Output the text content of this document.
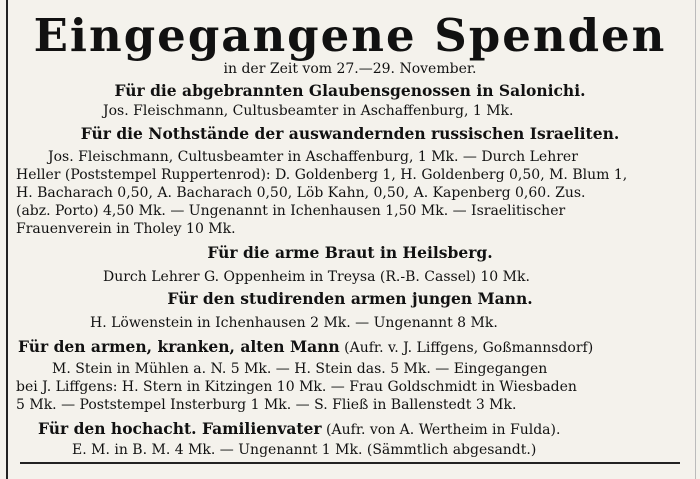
Eingegangene Spenden
in der Zeit vom 27.—29. November.
Für die abgebrannten Glaubensgenossen in Salonichi.
Jos. Fleischmann, Cultusbeamter in Aschaffenburg, 1 Mk.
Für die Nothstände der auswandernden russischen Israeliten.
Jos. Fleischmann, Cultusbeamter in Aschaffenburg, 1 Mk. — Durch Lehrer
Heller (Poststempel Ruppertenrod): D. Goldenberg 1, H. Goldenberg 0,50, M. Blum 1,
H. Bacharach 0,50, A. Bacharach 0,50, Löb Kahn, 0,50, A. Kapenberg 0,60. Zus.
(abz. Porto) 4,50 Mk. — Ungenannt in Ichenhausen 1,50 Mk. — Israelitischer
Frauenverein in Tholey 10 Mk.
Für die arme Braut in Heilsberg.
Durch Lehrer G. Oppenheim in Treysa (R.-B. Cassel) 10 Mk.
Für den studirenden armen jungen Mann.
H. Löwenstein in Ichenhausen 2 Mk. — Ungenannt 8 Mk.
Für den armen, kranken, alten Mann (Aufr. v. J. Liffgens, Goßmannsdorf)
M. Stein in Mühlen a. N. 5 Mk. — H. Stein das. 5 Mk. — Eingegangen
bei J. Liffgens: H. Stern in Kitzingen 10 Mk. — Frau Goldschmidt in Wiesbaden
5 Mk. — Poststempel Insterburg 1 Mk. — S. Fließ in Ballenstedt 3 Mk.
Für den hochacht. Familienvater (Aufr. von A. Wertheim in Fulda).
E. M. in B. M. 4 Mk. — Ungenannt 1 Mk. (Sämmtlich abgesandt.)
